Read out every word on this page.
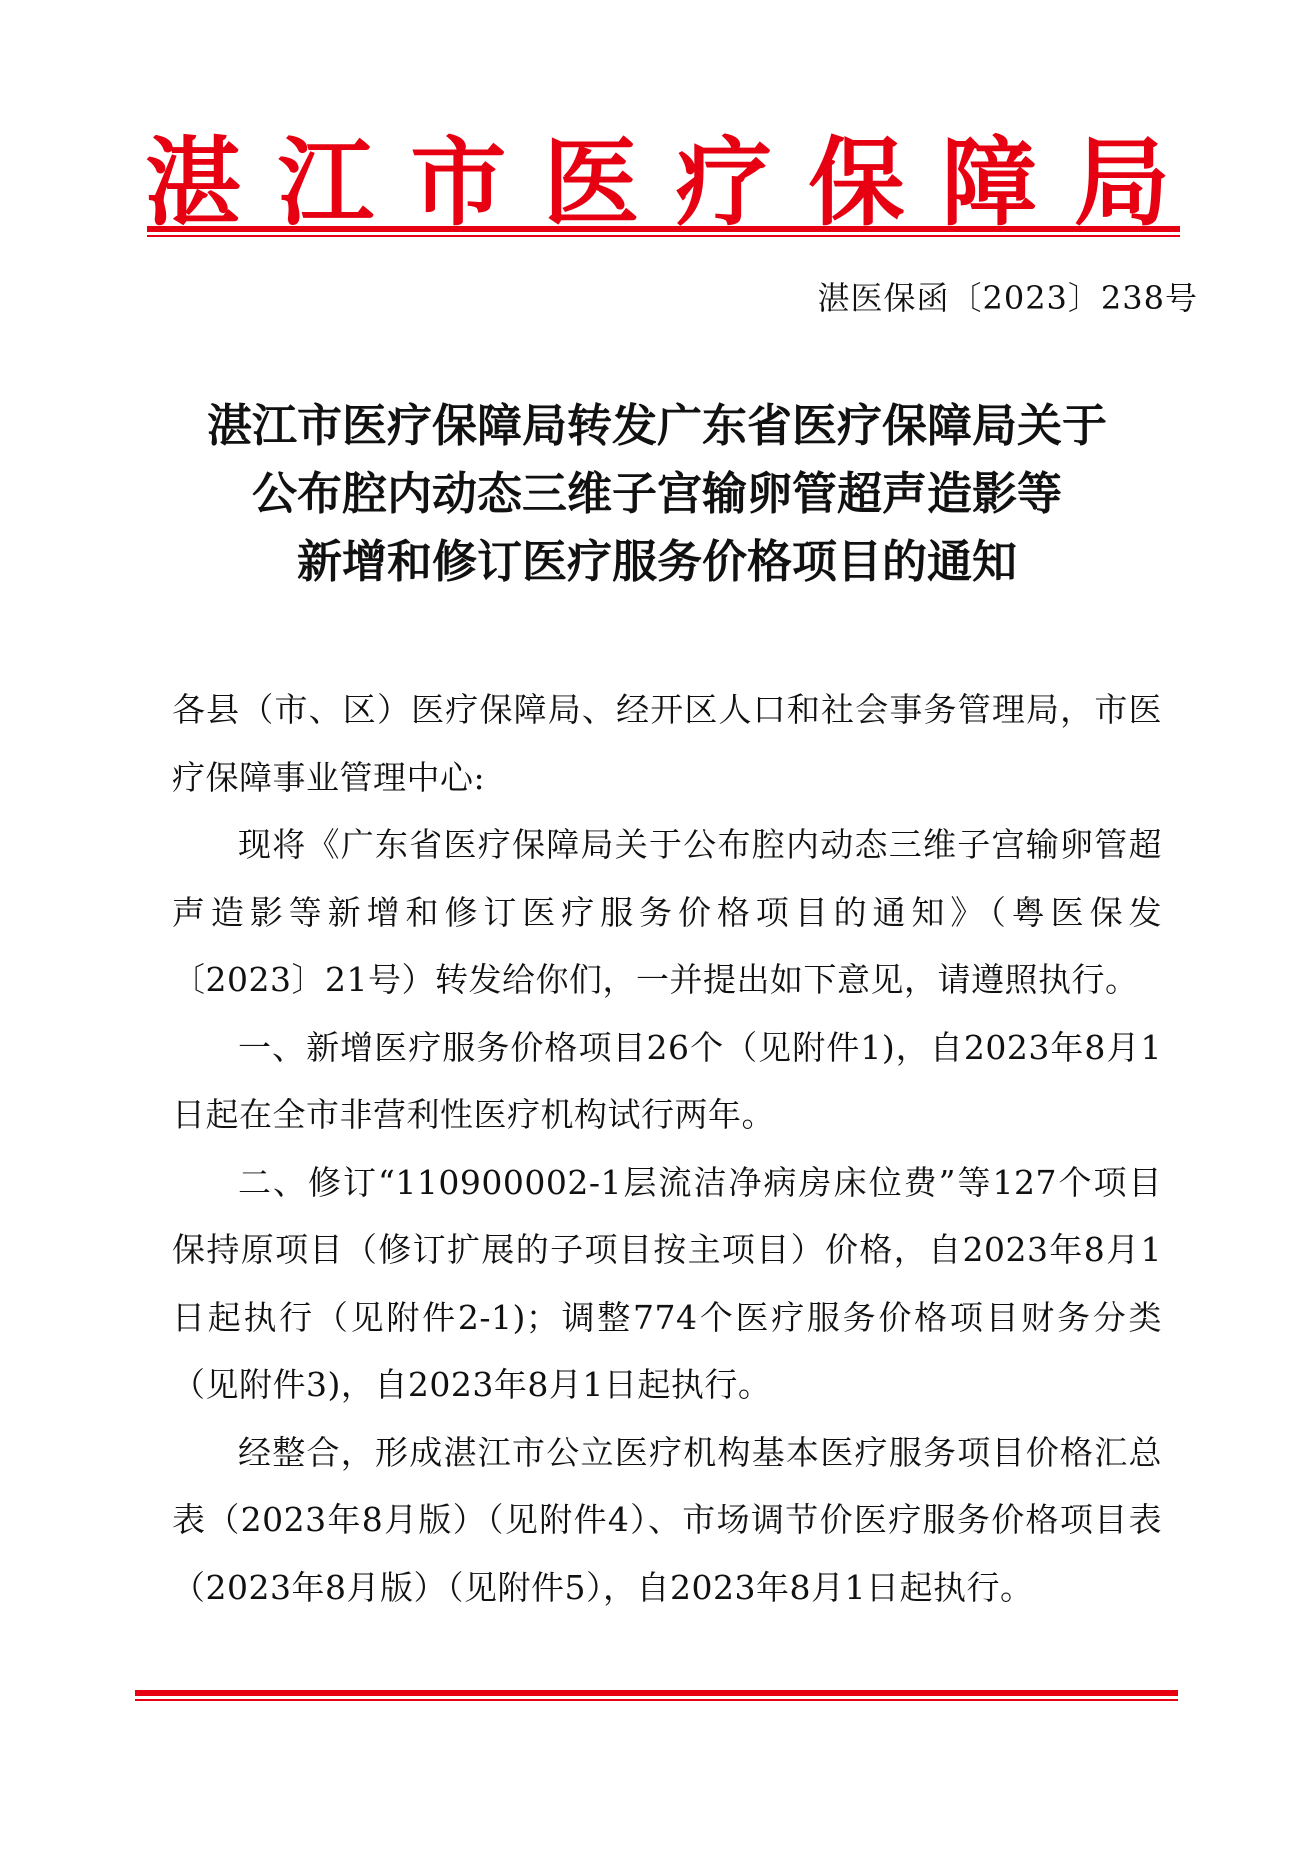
湛 江 市 医 疗 保 障 局
湛医保函〔2023〕238号
湛江市医疗保障局转发广东省医疗保障局关于
公布腔内动态三维子宫输卵管超声造影等
新增和修订医疗服务价格项目的通知

各县（市、区）医疗保障局、经开区人口和社会事务管理局，市医疗保障事业管理中心:

现将《广东省医疗保障局关于公布腔内动态三维子宫输卵管超声造影等新增和修订医疗服务价格项目的通知》（粤医保发〔2023〕21号）转发给你们，一并提出如下意见，请遵照执行。

一、新增医疗服务价格项目26个（见附件1)，自2023年8月1日起在全市非营利性医疗机构试行两年。

二、修订“110900002-1层流洁净病房床位费”等127个项目保持原项目（修订扩展的子项目按主项目）价格，自2023年8月1日起执行（见附件2-1)；调整774个医疗服务价格项目财务分类（见附件3)，自2023年8月1日起执行。

经整合，形成湛江市公立医疗机构基本医疗服务项目价格汇总表（2023年8月版）（见附件4）、市场调节价医疗服务价格项目表（2023年8月版）（见附件5），自2023年8月1日起执行。
